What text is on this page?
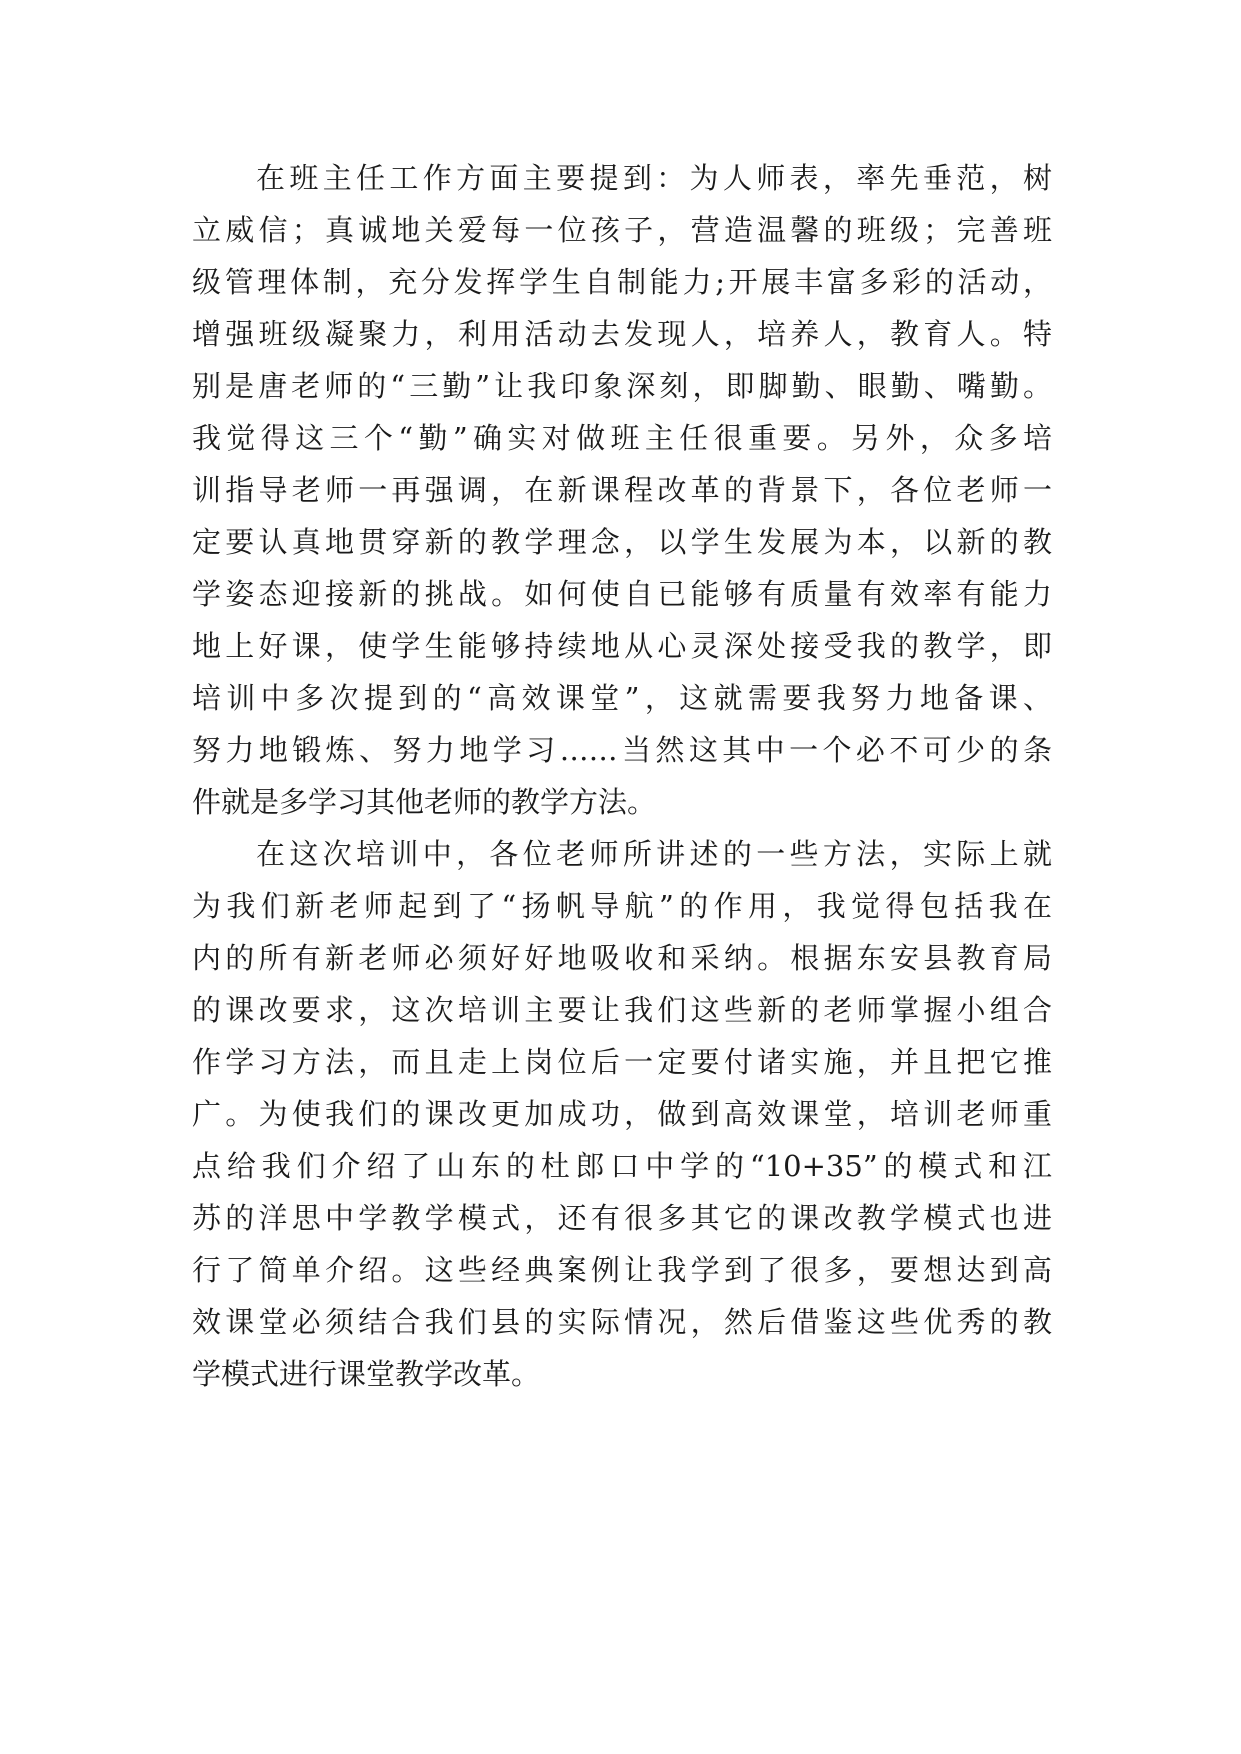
在班主任工作方面主要提到：为人师表，率先垂范，树
立威信；真诚地关爱每一位孩子，营造温馨的班级；完善班
级管理体制，充分发挥学生自制能力;开展丰富多彩的活动，
增强班级凝聚力，利用活动去发现人，培养人，教育人。特
别是唐老师的“三勤”让我印象深刻，即脚勤、眼勤、嘴勤。
我觉得这三个“勤”确实对做班主任很重要。另外，众多培
训指导老师一再强调，在新课程改革的背景下，各位老师一
定要认真地贯穿新的教学理念，以学生发展为本，以新的教
学姿态迎接新的挑战。如何使自已能够有质量有效率有能力
地上好课，使学生能够持续地从心灵深处接受我的教学，即
培训中多次提到的“高效课堂”，这就需要我努力地备课、
努力地锻炼、努力地学习……当然这其中一个必不可少的条
件就是多学习其他老师的教学方法。
在这次培训中，各位老师所讲述的一些方法，实际上就
为我们新老师起到了“扬帆导航”的作用，我觉得包括我在
内的所有新老师必须好好地吸收和采纳。根据东安县教育局
的课改要求，这次培训主要让我们这些新的老师掌握小组合
作学习方法，而且走上岗位后一定要付诸实施，并且把它推
广。为使我们的课改更加成功，做到高效课堂，培训老师重
点给我们介绍了山东的杜郎口中学的“10+35”的模式和江
苏的洋思中学教学模式，还有很多其它的课改教学模式也进
行了简单介绍。这些经典案例让我学到了很多，要想达到高
效课堂必须结合我们县的实际情况，然后借鉴这些优秀的教
学模式进行课堂教学改革。
